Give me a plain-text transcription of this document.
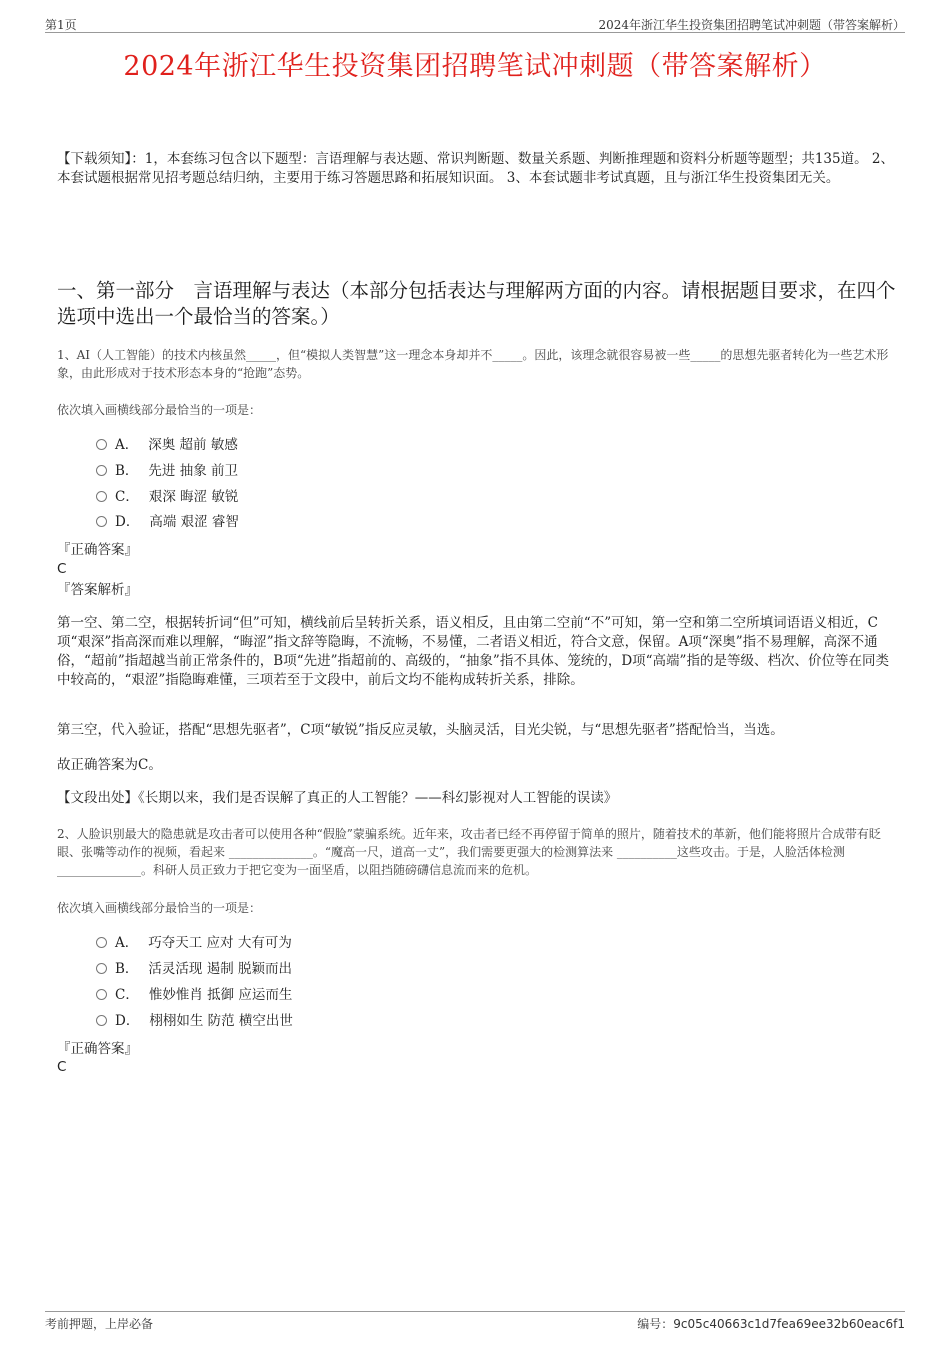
第1页	2024年浙江华生投资集团招聘笔试冲刺题（带答案解析）
2024年浙江华生投资集团招聘笔试冲刺题（带答案解析）
【下载须知】：1，本套练习包含以下题型：言语理解与表达题、常识判断题、数量关系题、判断推理题和资料分析题等题型；共135道。 2、本套试题根据常见招考题总结归纳，主要用于练习答题思路和拓展知识面。 3、本套试题非考试真题，且与浙江华生投资集团无关。
一、第一部分　言语理解与表达（本部分包括表达与理解两方面的内容。请根据题目要求，在四个选项中选出一个最恰当的答案。）
1、AI（人工智能）的技术内核虽然_____，但“模拟人类智慧”这一理念本身却并不_____。因此，该理念就很容易被一些_____的思想先驱者转化为一些艺术形象，由此形成对于技术形态本身的“抢跑”态势。
依次填入画横线部分最恰当的一项是：
A． 深奥 超前 敏感
B． 先进 抽象 前卫
C． 艰深 晦涩 敏锐
D． 高端 艰涩 睿智
『正确答案』
C
『答案解析』
第一空、第二空，根据转折词“但”可知，横线前后呈转折关系，语义相反，且由第二空前“不”可知，第一空和第二空所填词语语义相近，C项“艰深”指高深而难以理解，“晦涩”指文辞等隐晦，不流畅，不易懂，二者语义相近，符合文意，保留。A项“深奥”指不易理解，高深不通俗，“超前”指超越当前正常条件的，B项“先进”指超前的、高级的，“抽象”指不具体、笼统的，D项“高端”指的是等级、档次、价位等在同类中较高的，“艰涩”指隐晦难懂，三项若至于文段中，前后文均不能构成转折关系，排除。
第三空，代入验证，搭配“思想先驱者”，C项“敏锐”指反应灵敏，头脑灵活，目光尖锐，与“思想先驱者”搭配恰当，当选。
故正确答案为C。
【文段出处】《长期以来，我们是否误解了真正的人工智能？——科幻影视对人工智能的误读》
2、人脸识别最大的隐患就是攻击者可以使用各种“假脸”蒙骗系统。近年来，攻击者已经不再停留于简单的照片，随着技术的革新，他们能将照片合成带有眨眼、张嘴等动作的视频，看起来 ______________。“魔高一尺，道高一丈”，我们需要更强大的检测算法来 __________这些攻击。于是，人脸活体检测 ______________。科研人员正致力于把它变为一面坚盾，以阻挡随磅礴信息流而来的危机。
依次填入画横线部分最恰当的一项是：
A． 巧夺天工 应对 大有可为
B． 活灵活现 遏制 脱颖而出
C． 惟妙惟肖 抵御 应运而生
D． 栩栩如生 防范 横空出世
『正确答案』
C
考前押题，上岸必备	编号：9c05c40663c1d7fea69ee32b60eac6f1
